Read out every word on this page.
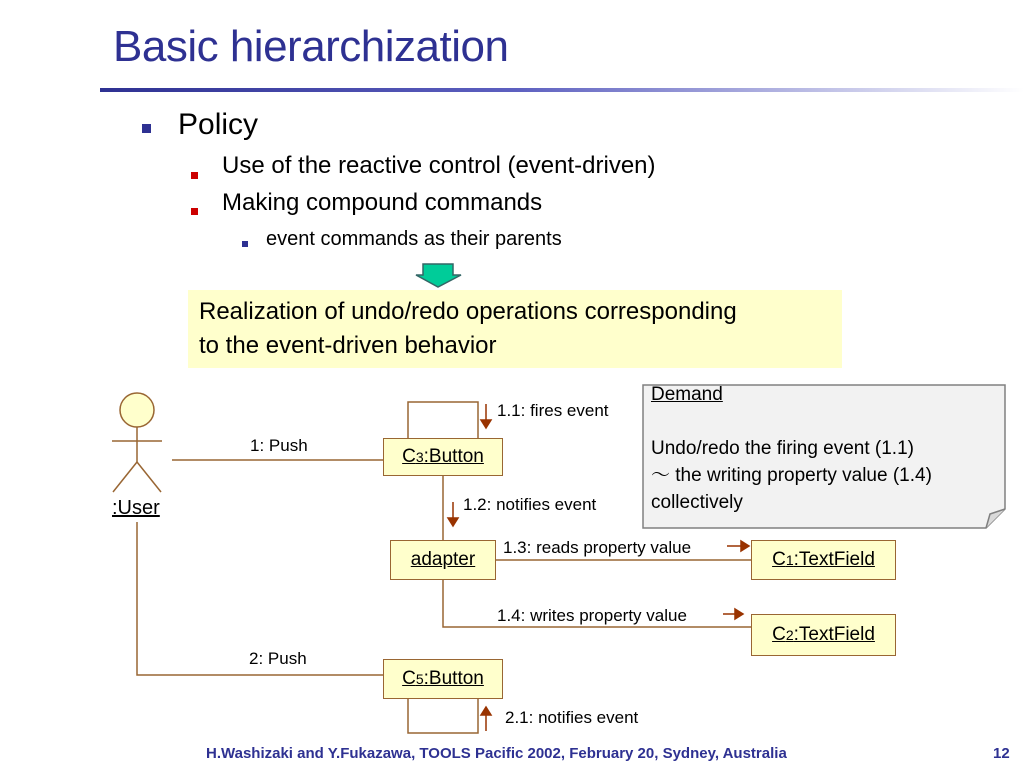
Basic hierarchization
Policy
Use of the reactive control (event-driven)
Making compound commands
event commands as their parents
Realization of undo/redo operations corresponding
to the event-driven behavior
Demand
Undo/redo the firing event (1.1)
〜 the writing property value (1.4)
collectively
:User
C3:Button
adapter	C1:TextField
C2:TextField
C5:Button
1: Push
1.1: fires event
1.2: notifies event
1.3: reads property value
1.4: writes property value
2: Push
2.1: notifies event
H.Washizaki and Y.Fukazawa, TOOLS Pacific 2002, February 20, Sydney, Australia	12
